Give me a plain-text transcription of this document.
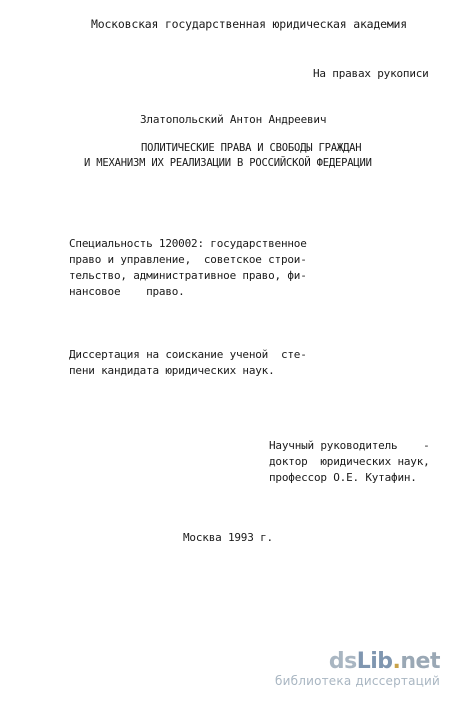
Московская государственная юридическая академия
На правах рукописи
Златопольский Антон Андреевич
ПОЛИТИЧЕСКИЕ ПРАВА И СВОБОДЫ ГРАЖДАН
И МЕХАНИЗМ ИХ РЕАЛИЗАЦИИ В РОССИЙСКОЙ ФЕДЕРАЦИИ
Специальность 120002: государственное
право и управление,  советское строи-
тельство, административное право, фи-
нансовое    право.
Диссертация на соискание ученой  сте-
пени кандидата юридических наук.
Научный руководитель    -
доктор  юридических наук,
профессор О.Е. Кутафин.
Москва 1993 г.
dsLib.net
библиотека диссертаций
